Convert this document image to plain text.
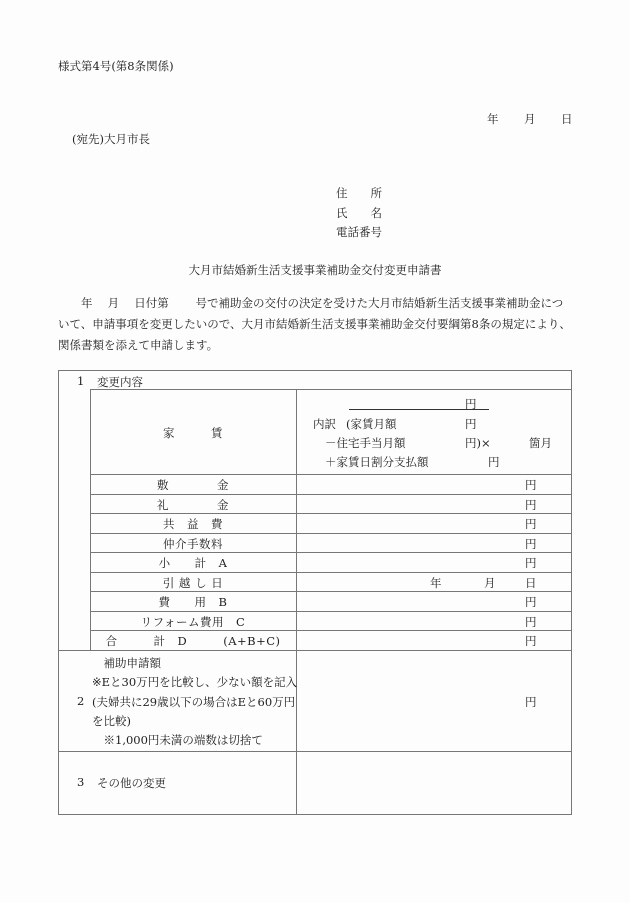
様式第4号(第8条関係)
年 月 日
(宛先)大月市長
住　　所
氏　　名
電話番号
大月市結婚新生活支援事業補助金交付変更申請書
　　年　 月　 日付第　　 号で補助金の交付の決定を受けた大月市結婚新生活支援事業補助金につ
いて、申請事項を変更したいので、大月市結婚新生活支援事業補助金交付要綱第8条の規定により、
関係書類を添えて申請します。
1 変更内容
家　　　賃
円
内訳 (家賃月額	円
－住宅手当月額	円)×	箇月
＋家賃日割分支払額	円
敷　　　　金	円
礼　　　　金	円
共　益　費	円
仲介手数料	円
小　　計　A	円
引 越 し 日	年	月	日
費　　用　B	円
リフォーム費用　C	円
合　　　計　D　　　(A+B+C)	円
2
　補助申請額
※Eと30万円を比較し、少ない額を記入
(夫婦共に29歳以下の場合はEと60万円
を比較)
　※1,000円未満の端数は切捨て
円
3 その他の変更
